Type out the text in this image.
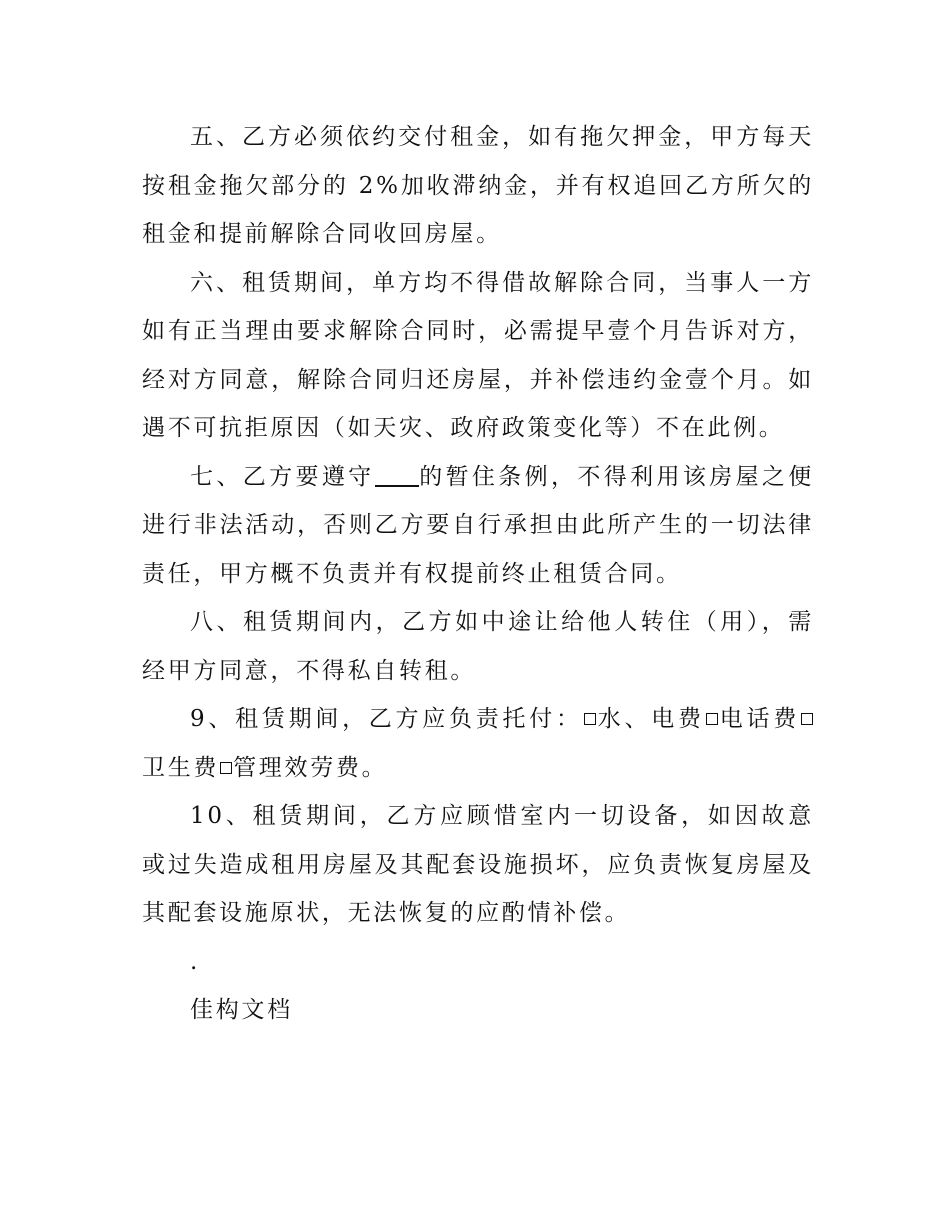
五、乙方必须依约交付租金，如有拖欠押金，甲方每天按租金拖欠部分的 2%加收滞纳金，并有权追回乙方所欠的租金和提前解除合同收回房屋。

六、租赁期间，单方均不得借故解除合同，当事人一方如有正当理由要求解除合同时，必需提早壹个月告诉对方，经对方同意，解除合同归还房屋，并补偿违约金壹个月。如遇不可抗拒原因（如天灾、政府政策变化等）不在此例。

七、乙方要遵守 的暂住条例，不得利用该房屋之便进行非法活动，否则乙方要自行承担由此所产生的一切法律责任，甲方概不负责并有权提前终止租赁合同。

八、租赁期间内，乙方如中途让给他人转住（用），需经甲方同意，不得私自转租。

9、租赁期间，乙方应负责托付： 水、电费 电话费卫生费 管理效劳费。

10、租赁期间，乙方应顾惜室内一切设备，如因故意或过失造成租用房屋及其配套设施损坏，应负责恢复房屋及其配套设施原状，无法恢复的应酌情补偿。

.

佳构文档
